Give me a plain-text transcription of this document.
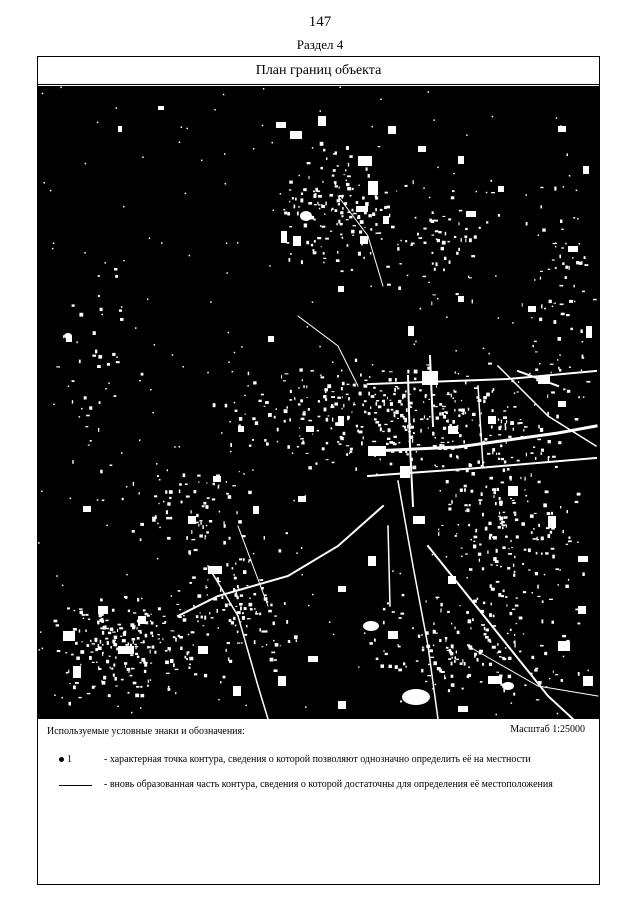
147
Раздел 4
План границ объекта
Используемые условные знаки и обозначения:	Масштаб 1:25000
1	- характерная точка контура, сведения о которой позволяют однозначно определить её на местности
- вновь образованная часть контура, сведения о которой достаточны для определения её местоположения
